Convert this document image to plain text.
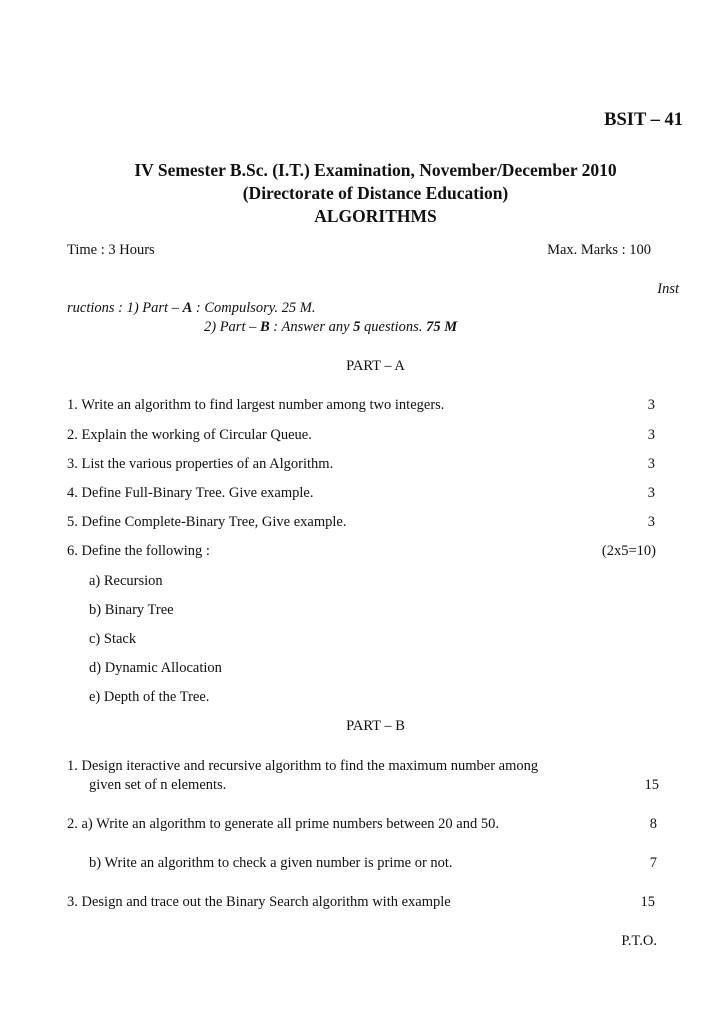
BSIT – 41
IV Semester B.Sc. (I.T.) Examination, November/December 2010
(Directorate of Distance Education)
ALGORITHMS
Time : 3 Hours	Max. Marks : 100
Inst
ructions : 1) Part – A : Compulsory. 25 M.
2) Part – B : Answer any 5 questions. 75 M
PART – A
1. Write an algorithm to find largest number among two integers.	3
2. Explain the working of Circular Queue.	3
3. List the various properties of an Algorithm.	3
4. Define Full-Binary Tree. Give example.	3
5. Define Complete-Binary Tree, Give example.	3
6. Define the following :	(2x5=10)
a) Recursion
b) Binary Tree
c) Stack
d) Dynamic Allocation
e) Depth of the Tree.
PART – B
1. Design iteractive and recursive algorithm to find the maximum number among
given set of n elements.	15
2. a) Write an algorithm to generate all prime numbers between 20 and 50.	8
b) Write an algorithm to check a given number is prime or not.	7
3. Design and trace out the Binary Search algorithm with example	15
P.T.O.
